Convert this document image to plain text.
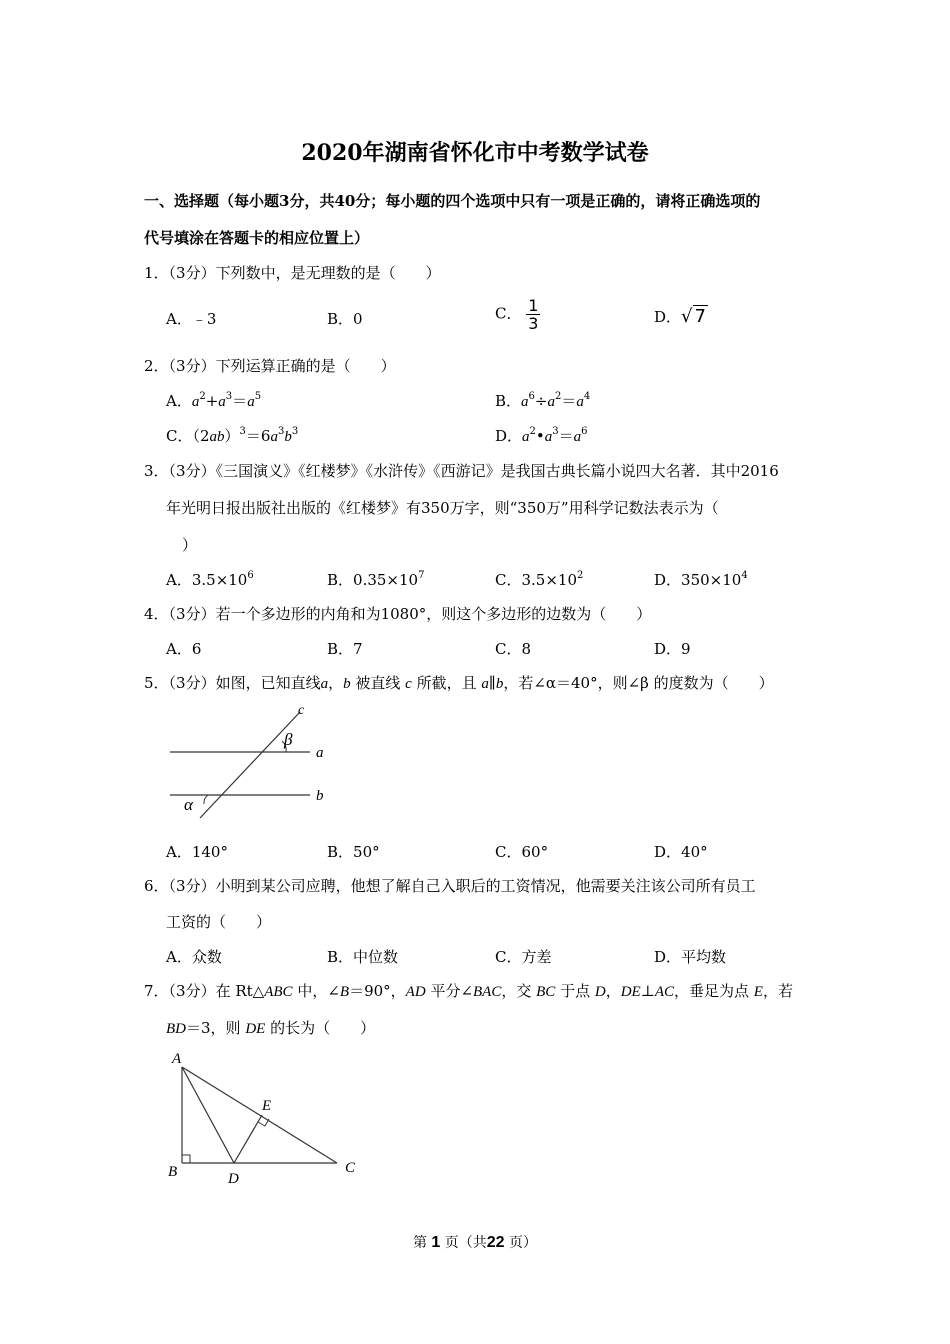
2020年湖南省怀化市中考数学试卷
一、选择题（每小题3分，共40分；每小题的四个选项中只有一项是正确的，请将正确选项的
代号填涂在答题卡的相应位置上）
1．（3分）下列数中，是无理数的是（　　）
A．﹣3	B．0	C． $\frac{1}{3}$	D．√ 7
2．（3分）下列运算正确的是（　　）
A．$a^2+a^3=a^5$	B．$a^6\div a^2=a^4$
C．$(2ab)^3=6a^3b^3$	D．$a^2•a^3=a^6$
3．（3分）《三国演义》《红楼梦》《水浒传》《西游记》是我国古典长篇小说四大名著．其中2016
年光明日报出版社出版的《红楼梦》有350万字，则“350万”用科学记数法表示为（
）
A．$3.5\times 10^6$	B．$0.35\times 10^7$	C．$3.5\times 10^2$	D．$350\times 10^4$
4．（3分）若一个多边形的内角和为1080°，则这个多边形的边数为（　　）
A．6	B．7	C．8	D．9
5．（3分）如图，已知直线a，b 被直线 c 所截，且 a∥b，若∠α＝40°，则∠β 的度数为（　　）
c
a
b
β
α
A．140°	B．50°	C．60°	D．40°
6．（3分）小明到某公司应聘，他想了解自己入职后的工资情况，他需要关注该公司所有员工
工资的（　　）
A．众数	B．中位数	C．方差	D．平均数
7．（3分）在 Rt△ABC 中，∠B＝90°，AD 平分∠BAC，交 BC 于点 D，DE⊥AC，垂足为点 E，若
BD＝3，则 DE 的长为（　　）
A
B	C
D
E
第 1 页（共22 页）
